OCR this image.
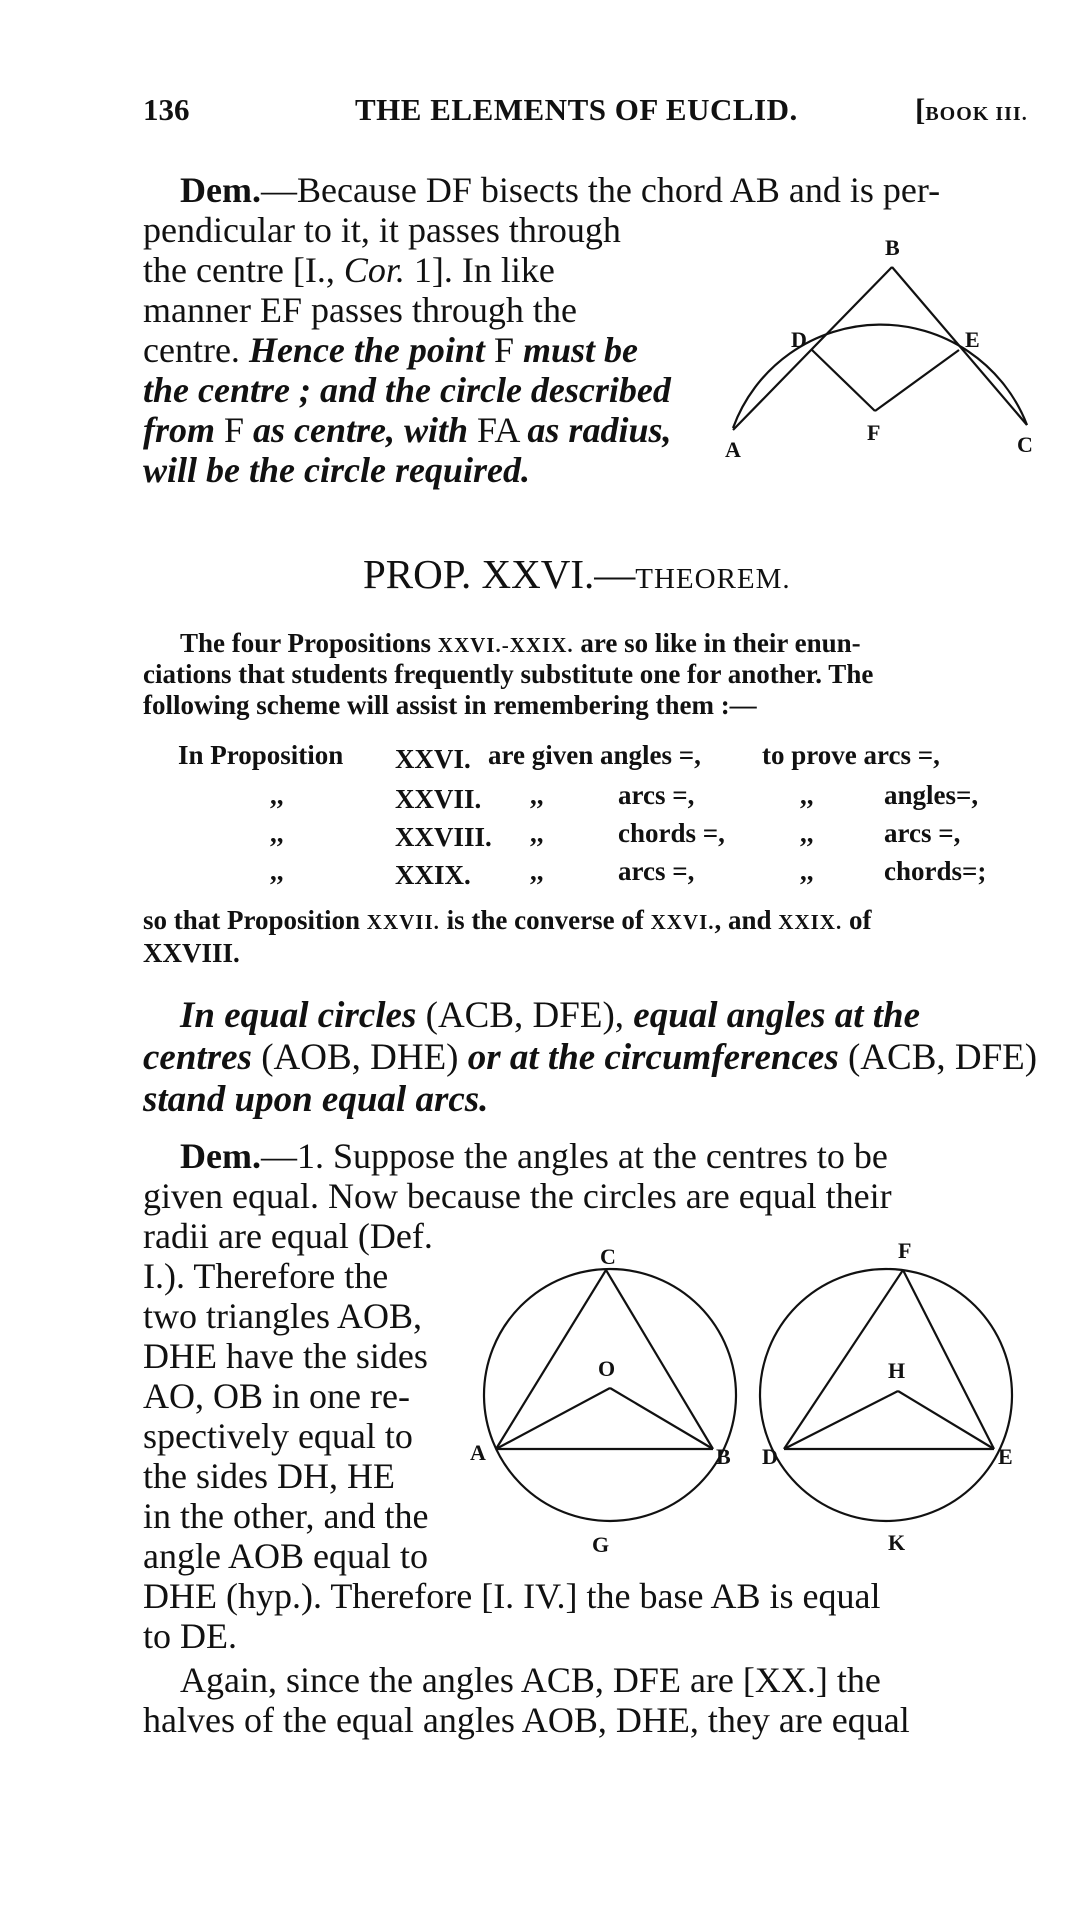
136	THE ELEMENTS OF EUCLID.	[BOOK III.
Dem.—Because DF bisects the chord AB and is per-
pendicular to it, it passes through
the centre [I., Cor. 1]. In like
manner EF passes through the
centre. Hence the point F must be
the centre ; and the circle described
from F as centre, with FA as radius,
will be the circle required.
B
D	E
F
A	C
PROP. XXVI.—THEOREM.
The four Propositions XXVI.-XXIX. are so like in their enun-
ciations that students frequently substitute one for another. The
following scheme will assist in remembering them :—
In Proposition XXVI. are given angles =, to prove arcs =,
,,	XXVII. ,,	arcs =,	,,	angles=,
,,	XXVIII. ,,	chords =,	,,	arcs =,
,,	XXIX. ,,	arcs =,	,,	chords=;
so that Proposition XXVII. is the converse of XXVI., and XXIX. of
XXVIII.
In equal circles (ACB, DFE), equal angles at the
centres (AOB, DHE) or at the circumferences (ACB, DFE)
stand upon equal arcs.
Dem.—1. Suppose the angles at the centres to be
given equal. Now because the circles are equal their
radii are equal (Def.
I.). Therefore the
two triangles AOB,
DHE have the sides
AO, OB in one re-
spectively equal to
the sides DH, HE
in the other, and the
angle AOB equal to
DHE (hyp.). Therefore [I. IV.] the base AB is equal
to DE.
Again, since the angles ACB, DFE are [XX.] the
halves of the equal angles AOB, DHE, they are equal
C
O
A	B
G
F
H
D	E
K
